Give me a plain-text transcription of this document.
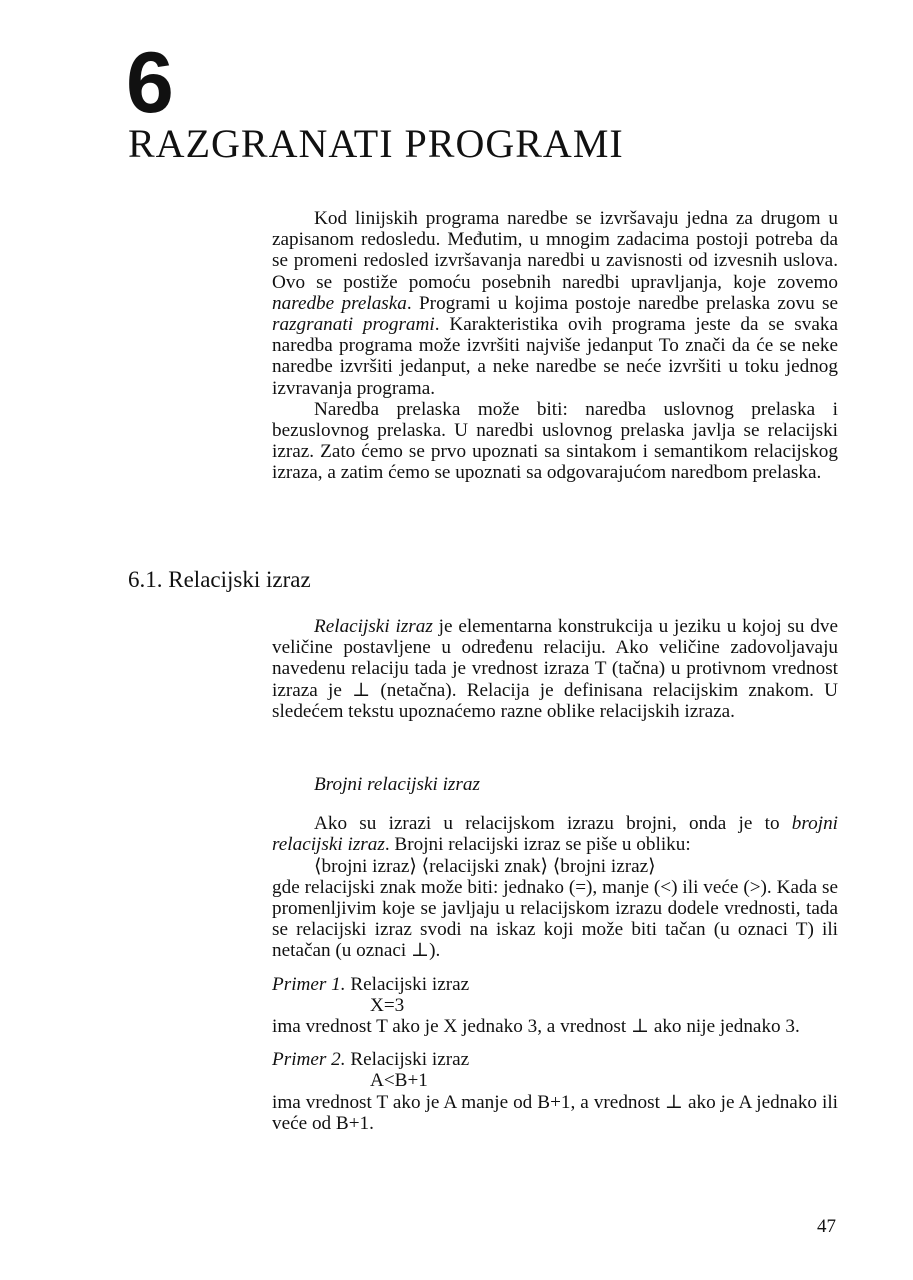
6
RAZGRANATI PROGRAMI

Kod linijskih programa naredbe se izvršavaju jedna za drugom u zapisanom redosledu. Međutim, u mnogim zadacima postoji potreba da se promeni redosled izvršavanja naredbi u zavisnosti od izvesnih uslova. Ovo se postiže pomoću posebnih naredbi upravljanja, koje zovemo naredbe prelaska. Programi u kojima postoje naredbe prelaska zovu se razgranati programi. Karakteristika ovih programa jeste da se svaka naredba programa može izvršiti najviše jedanput To znači da će se neke naredbe izvršiti jedanput, a neke naredbe se neće izvršiti u toku jednog izvravanja programa.

Naredba prelaska može biti: naredba uslovnog prelaska i bezuslovnog prelaska. U naredbi uslovnog prelaska javlja se relacijski izraz. Zato ćemo se prvo upoznati sa sintakom i semantikom relacijskog izraza, a zatim ćemo se upoznati sa odgovarajućom naredbom prelaska.

6.1. Relacijski izraz

Relacijski izraz je elementarna konstrukcija u jeziku u kojoj su dve veličine postavljene u određenu relaciju. Ako veličine zadovoljavaju navedenu relaciju tada je vrednost izraza T (tačna) u protivnom vrednost izraza je ⊥ (netačna). Relacija je definisana relacijskim znakom. U sledećem tekstu upoznaćemo razne oblike relacijskih izraza.

Brojni relacijski izraz

Ako su izrazi u relacijskom izrazu brojni, onda je to brojni relacijski izraz. Brojni relacijski izraz se piše u obliku:

⟨brojni izraz⟩ ⟨relacijski znak⟩ ⟨brojni izraz⟩

gde relacijski znak može biti: jednako (=), manje (<) ili veće (>). Kada se promenljivim koje se javljaju u relacijskom izrazu dodele vrednosti, tada se relacijski izraz svodi na iskaz koji može biti tačan (u oznaci T) ili netačan (u oznaci ⊥).

Primer 1. Relacijski izraz

X=3

ima vrednost T ako je X jednako 3, a vrednost ⊥ ako nije jednako 3.

Primer 2. Relacijski izraz

A<B+1

ima vrednost T ako je A manje od B+1, a vrednost ⊥ ako je A jednako ili veće od B+1.

47
